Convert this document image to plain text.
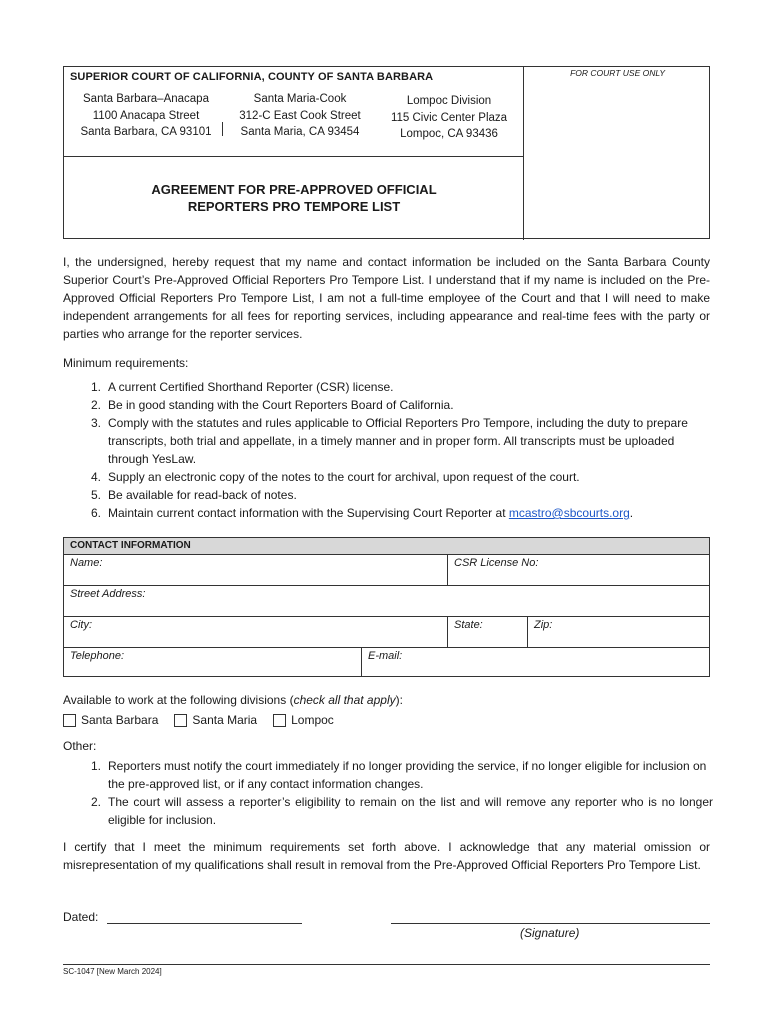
SUPERIOR COURT OF CALIFORNIA, COUNTY OF SANTA BARBARA
Santa Barbara–Anacapa
1100 Anacapa Street
Santa Barbara, CA 93101
Santa Maria-Cook
312-C East Cook Street
Santa Maria, CA 93454
Lompoc Division
115 Civic Center Plaza
Lompoc, CA 93436
AGREEMENT FOR PRE-APPROVED OFFICIAL
REPORTERS PRO TEMPORE LIST
FOR COURT USE ONLY
I, the undersigned, hereby request that my name and contact information be included on the Santa Barbara County Superior Court’s Pre-Approved Official Reporters Pro Tempore List. I understand that if my name is included on the Pre-Approved Official Reporters Pro Tempore List, I am not a full-time employee of the Court and that I will need to make independent arrangements for all fees for reporting services, including appearance and real-time fees with the party or parties who arrange for the reporter services.
Minimum requirements:
1. A current Certified Shorthand Reporter (CSR) license.
2. Be in good standing with the Court Reporters Board of California.
3. Comply with the statutes and rules applicable to Official Reporters Pro Tempore, including the duty to prepare transcripts, both trial and appellate, in a timely manner and in proper form. All transcripts must be uploaded through YesLaw.
4. Supply an electronic copy of the notes to the court for archival, upon request of the court.
5. Be available for read-back of notes.
6. Maintain current contact information with the Supervising Court Reporter at mcastro@sbcourts.org.
CONTACT INFORMATION
Name:	CSR License No:
Street Address:
City:	State:	Zip:
Telephone:	E-mail:
Available to work at the following divisions (check all that apply):
Santa Barbara	Santa Maria	Lompoc
Other:
1. Reporters must notify the court immediately if no longer providing the service, if no longer eligible for inclusion on the pre-approved list, or if any contact information changes.
2. The court will assess a reporter’s eligibility to remain on the list and will remove any reporter who is no longer eligible for inclusion.
I certify that I meet the minimum requirements set forth above. I acknowledge that any material omission or misrepresentation of my qualifications shall result in removal from the Pre-Approved Official Reporters Pro Tempore List.
Dated:
(Signature)
SC-1047 [New March 2024]
